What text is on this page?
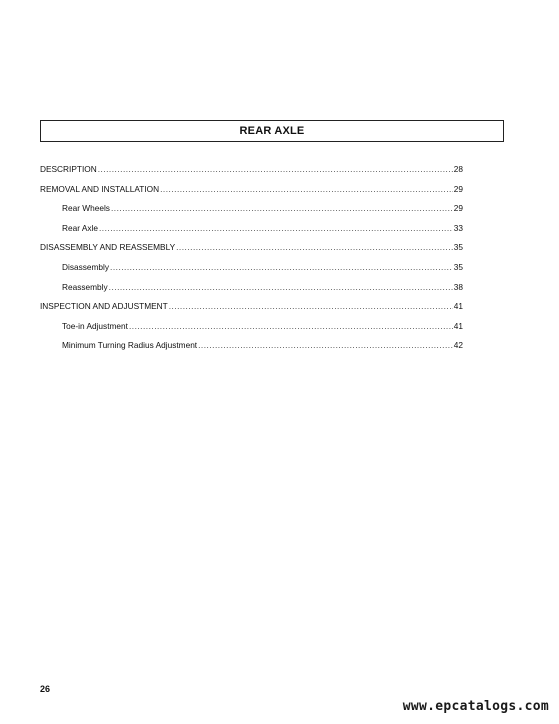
REAR AXLE
DESCRIPTION .....	28
REMOVAL AND INSTALLATION .....	29
Rear Wheels .....	29
Rear Axle .....	33
DISASSEMBLY AND REASSEMBLY .....	35
Disassembly .....	35
Reassembly .....	38
INSPECTION AND ADJUSTMENT .....	41
Toe-in Adjustment .....	41
Minimum Turning Radius Adjustment .....	42
26
www.epcatalogs.com
